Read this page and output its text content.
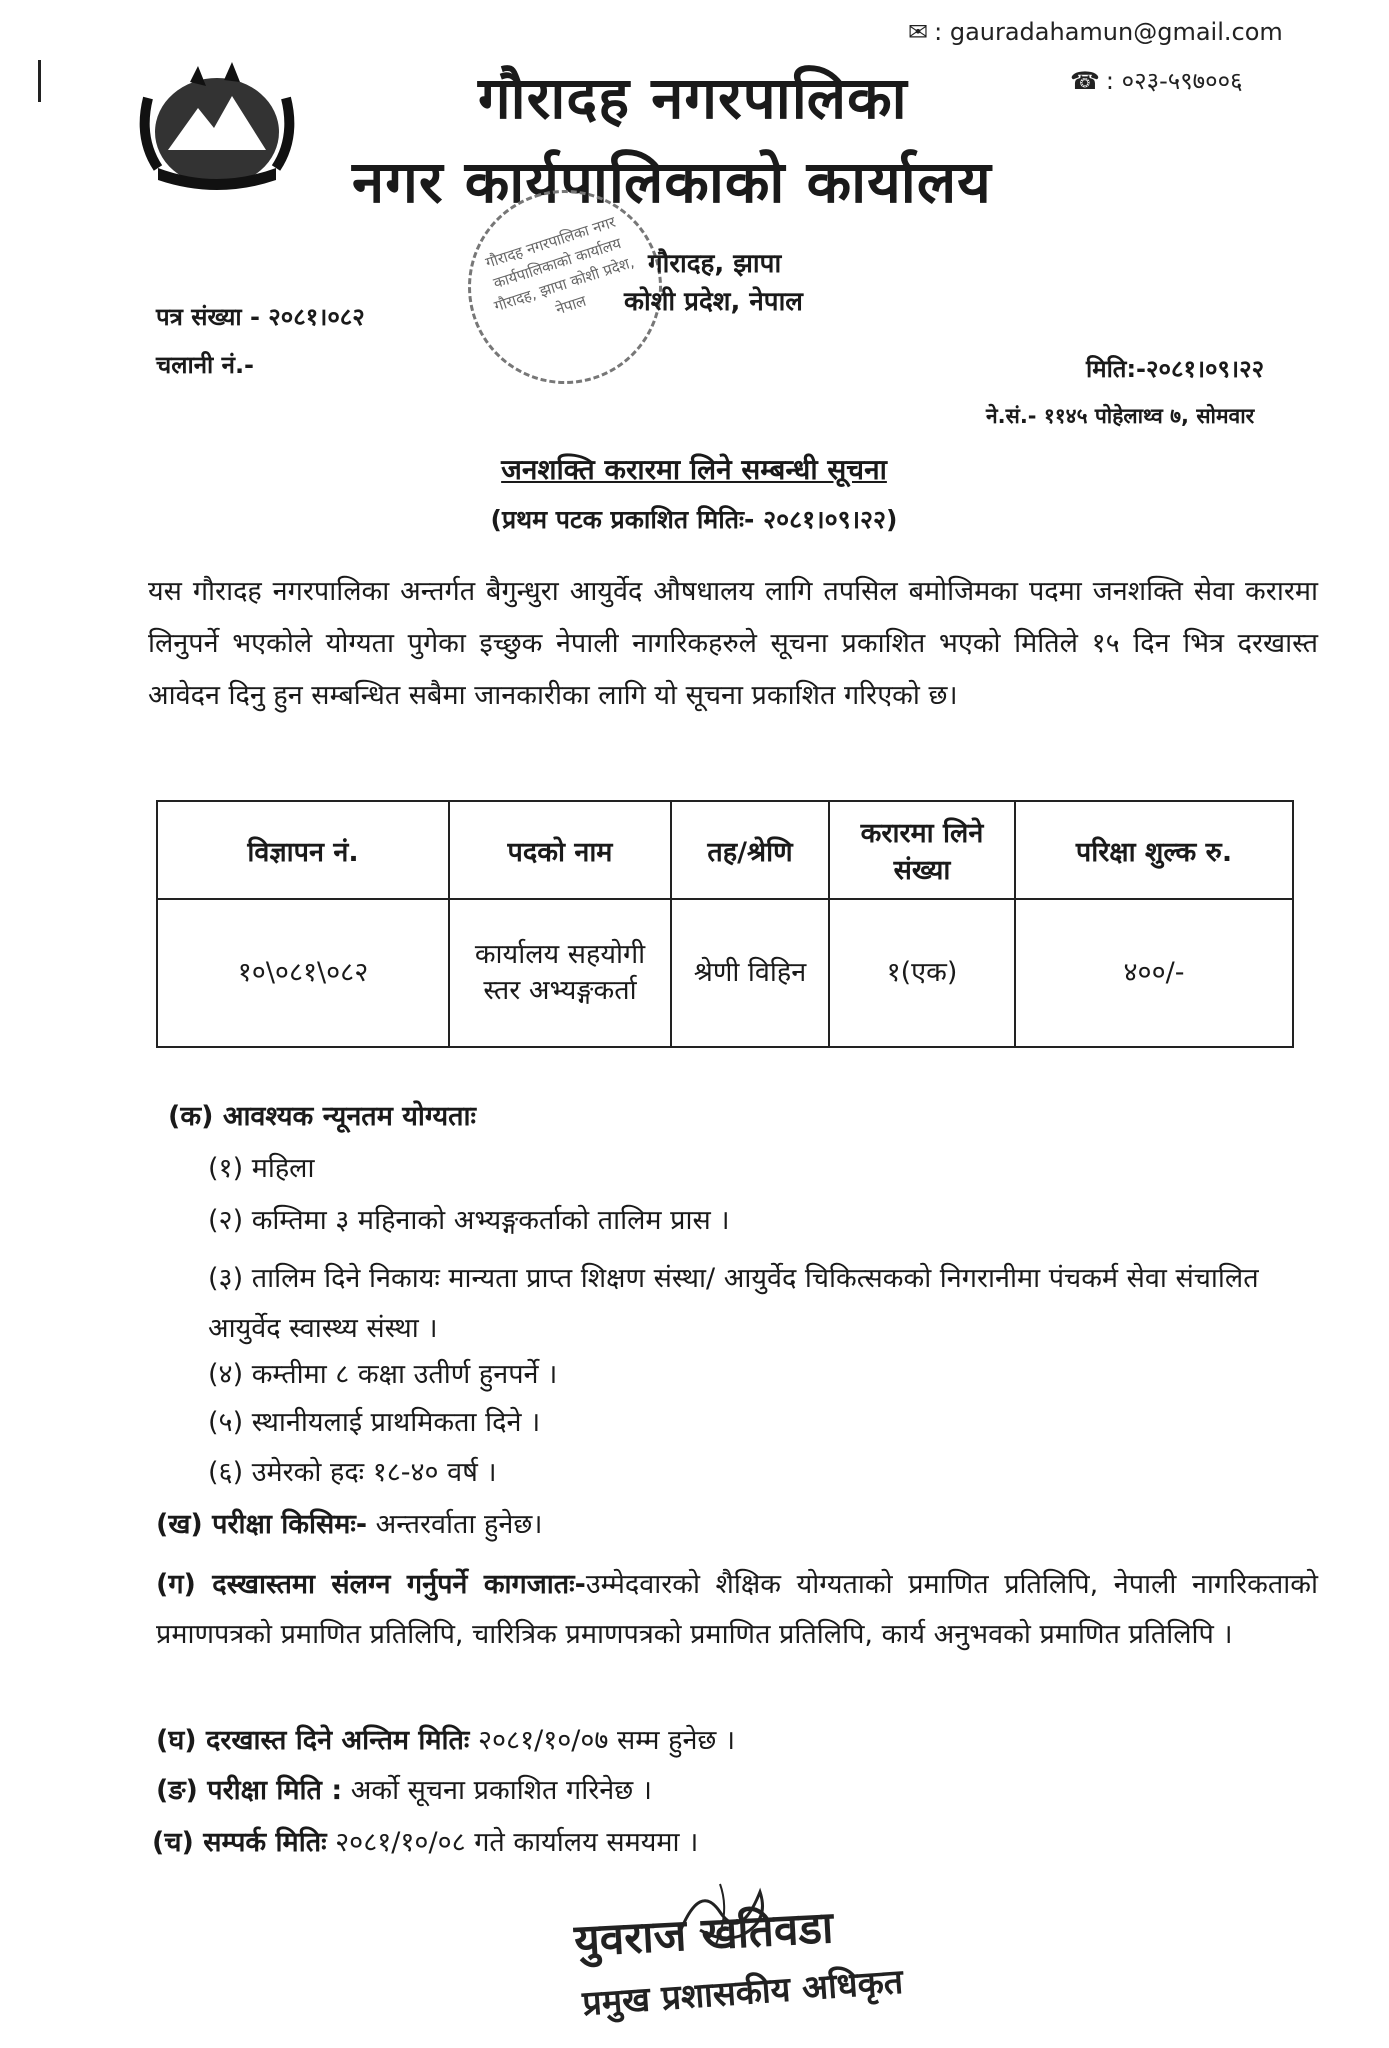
✉ : gauradahamun@gmail.com
☎ : ०२३-५९७००६
गौरादह नगरपालिका
नगर कार्यपालिकाको कार्यालय
गौरादह नगरपालिका नगर कार्यपालिकाको कार्यालय गौरादह, झापा कोशी प्रदेश, नेपाल
गौरादह, झापा
कोशी प्रदेश, नेपाल
पत्र संख्या - २०८१।०८२
चलानी नं.-	मिति:-२०८१।०९।२२
ने.सं.- ११४५ पोहेलाथ्व ७, सोमवार
जनशक्ति करारमा लिने सम्बन्धी सूचना
(प्रथम पटक प्रकाशित मितिः- २०८१।०९।२२)
यस गौरादह नगरपालिका अन्तर्गत बैगुन्धुरा आयुर्वेद औषधालय लागि तपसिल बमोजिमका पदमा जनशक्ति सेवा करारमा लिनुपर्ने भएकोले योग्यता पुगेका इच्छुक नेपाली नागरिकहरुले सूचना प्रकाशित भएको मितिले १५ दिन भित्र दरखास्त आवेदन दिनु हुन सम्बन्धित सबैमा जानकारीका लागि यो सूचना प्रकाशित गरिएको छ।
विज्ञापन नं.	पदको नाम	तह/श्रेणि	करारमा लिने संख्या	परिक्षा शुल्क रु.
१०\०८१\०८२	कार्यालय सहयोगी स्तर अभ्यङ्गकर्ता	श्रेणी विहिन	१(एक)	४००/-
(क) आवश्यक न्यूनतम योग्यताः
(१) महिला
(२) कम्तिमा ३ महिनाको अभ्यङ्गकर्ताको तालिम प्रास ।
(३) तालिम दिने निकायः मान्यता प्राप्त शिक्षण संस्था/ आयुर्वेद चिकित्सकको निगरानीमा पंचकर्म सेवा संचालित आयुर्वेद स्वास्थ्य संस्था ।
(४) कम्तीमा ८ कक्षा उतीर्ण हुनपर्ने ।
(५) स्थानीयलाई प्राथमिकता दिने ।
(६) उमेरको हदः १८-४० वर्ष ।
(ख) परीक्षा किसिमः- अन्तरर्वाता हुनेछ।
(ग) दस्खास्तमा संलग्न गर्नुपर्ने कागजातः-उम्मेदवारको शैक्षिक योग्यताको प्रमाणित प्रतिलिपि, नेपाली नागरिकताको प्रमाणपत्रको प्रमाणित प्रतिलिपि, चारित्रिक प्रमाणपत्रको प्रमाणित प्रतिलिपि, कार्य अनुभवको प्रमाणित प्रतिलिपि ।
(घ) दरखास्त दिने अन्तिम मितिः २०८१/१०/०७ सम्म हुनेछ ।
(ङ) परीक्षा मिति : अर्को सूचना प्रकाशित गरिनेछ ।
(च) सम्पर्क मितिः २०८१/१०/०८ गते कार्यालय समयमा ।
युवराज खतिवडा
प्रमुख प्रशासकीय अधिकृत
